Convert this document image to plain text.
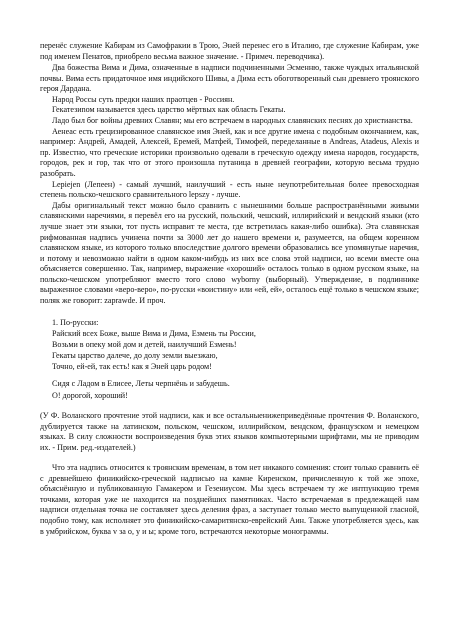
перенёс служение Кабирам из Самофракии в Трою, Эней перенес его в Италию, где служение Кабирам, уже под именем Пенатов, приобрело весьма важное значение. - Примеч. переводчика).

Два божества Вима и Дима, означенные в надписи подчиненными Эсменню, также чуждых итальянской почвы. Вима есть придаточное имя индийского Шивы, а Дима есть обоготворенный сын древнего троянского героя Дардана.

Народ Россы суть предки наших праотцев - Россиян.

Гекатезиnом называется здесь царство мёртвых как область Гекаты.

Ладо был бог войны древних Славян; мы его встречаем в народных славянских песнях до христианства.

Аенеас есть грецизированное славянское имя Эней, как и все другие имена с подобным окончанием, как, например: Андрей, Амадей, Алексей, Еремей, Матфей, Тимофей, переделанные в Andreas, Atadeus, Alexis и пр. Известно, что греческие историки произвольно одевали в греческую одежду имена народов, государств, городов, рек и гор, так что от этого произошла путаница в древней географии, которую весьма трудно разобрать.

Lepiejen (Лепеен) - самый лучший, наилучший - есть ныне неупотребительная более превосходная степень польско-чешского сравнительного lepszy - лучше.

Дабы оригинальный текст можно было сравнить с нынешними больше распространёнными живыми славянскими наречиями, я перевёл его на русский, польский, чешский, иллирийский и вендский языки (кто лучше знает эти языки, тот пусть исправит те места, где встретилась какая-либо ошибка). Эта славянская рифмованная надпись учинена почти за 3000 лет до нашего времени и, разумеется, на общем коренном славянском языке, из которого только впоследствие долгого времени образовались все упомянутые наречия, и потому и невозможно найти в одном каком-нибудь из них все слова этой надписи, но всеми вместе она объясняется совершенно. Так, например, выражение «хороший» осталось только в одном русском языке, на польско-чешском употребляют вместо того слово wyborny (выборный). Утверждение, в подлиннике выраженное словами «веро-веро», по-русски «воистину» или «ей, ей», осталось ещё только в чешском языке; поляк же говорит: zaprawde. И проч.

1. По-русски:
Райский всех Боже, выше Вима и Дима, Езмень ты России,
Возьми в опеку мой дом и детей, наилучший Езмень!
Гекаты царство далече, до долу земли выезжаю,
Точно, ей-ей, так есть! как я Эней царь родом!
Сидя с Ладом в Елисее, Леты черпнёнь и забудешь.
О! дорогой, хороший!

(У Ф. Воланского прочтение этой надписи, как и все остальныенижеприведённые прочтения Ф. Воланского, дублируется также на латинском, польском, чешском, иллирийском, вендском, французском и немецком языках. В силу сложности воспроизведения букв этих языков компьютерными шрифтами, мы не приводим их. - Прим. ред.-издателей.)

Что эта надпись относится к троянским временам, в том нет никакого сомнения: стоит только сравнить её с древнейшею финикийско-греческой надписью на камне Киренском, причисленную к той же эпохе, объяснённую и публикованную Гамакером и Гезениусом. Мы здесь встречаем ту же интпункцию тремя точками, которая уже не находится на позднейших памятниках. Часто встречаемая в предлежащей нам надписи отдельная точка не составляет здесь деления фраз, а заступает только место выпущенной гласной, подобно тому, как исполняет это финикийско-самаритянско-еврейский Аин. Также употребляется здесь, как в умбрийском, буква v за о, у и ы; кроме того, встречаются некоторые монограммы.
